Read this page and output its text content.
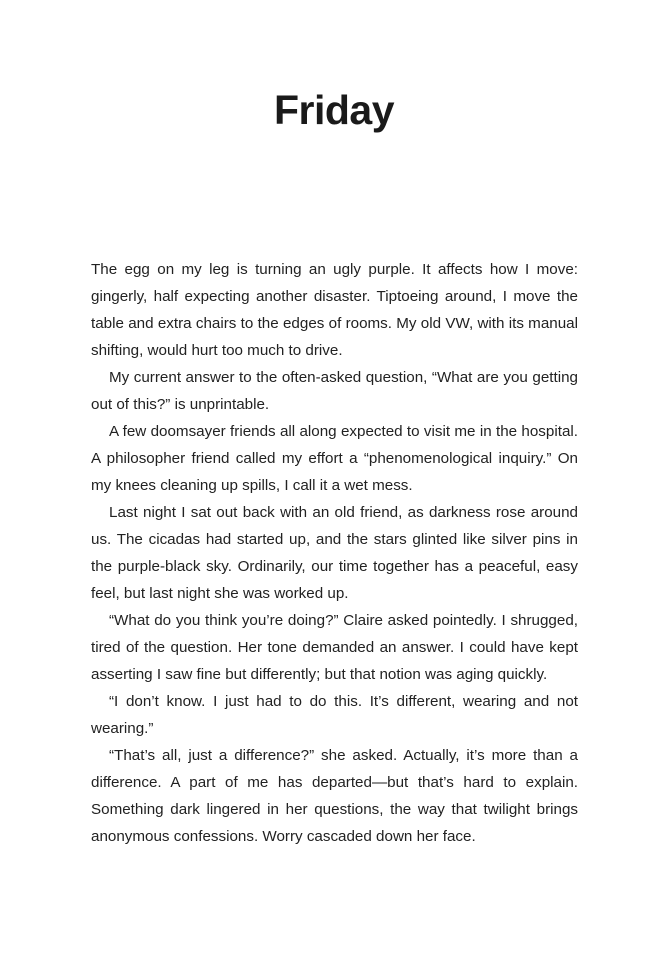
Friday

The egg on my leg is turning an ugly purple. It affects how I move: gingerly, half expecting another disaster. Tiptoeing around, I move the table and extra chairs to the edges of rooms. My old VW, with its manual shifting, would hurt too much to drive.

My current answer to the often-asked question, “What are you getting out of this?” is unprintable.

A few doomsayer friends all along expected to visit me in the hospital. A philosopher friend called my effort a “phenomenological inquiry.” On my knees cleaning up spills, I call it a wet mess.

Last night I sat out back with an old friend, as darkness rose around us. The cicadas had started up, and the stars glinted like silver pins in the purple-black sky. Ordinarily, our time together has a peaceful, easy feel, but last night she was worked up.

“What do you think you’re doing?” Claire asked pointedly. I shrugged, tired of the question. Her tone demanded an answer. I could have kept asserting I saw fine but differently; but that notion was aging quickly.

“I don’t know. I just had to do this. It’s different, wearing and not wearing.”

“That’s all, just a difference?” she asked. Actually, it’s more than a difference. A part of me has departed—but that’s hard to explain. Something dark lingered in her questions, the way that twilight brings anonymous confessions. Worry cascaded down her face.
